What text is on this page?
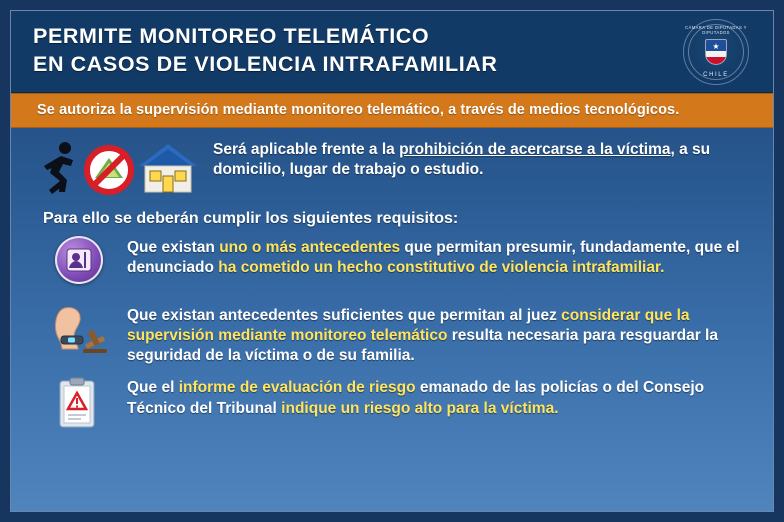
PERMITE MONITOREO TELEMÁTICO
EN CASOS DE VIOLENCIA INTRAFAMILIAR
CÁMARA DE DIPUTADAS Y DIPUTADOS
★
CHILE
Se autoriza la supervisión mediante monitoreo telemático, a través de medios tecnológicos.
Será aplicable frente a la prohibición de acercarse a la víctima, a su domicilio, lugar de trabajo o estudio.
Para ello se deberán cumplir los siguientes requisitos:
Que existan uno o más antecedentes que permitan presumir, fundadamente, que el denunciado ha cometido un hecho constitutivo de violencia intrafamiliar.
Que existan antecedentes suficientes que permitan al juez considerar que la supervisión mediante monitoreo telemático resulta necesaria para resguardar la seguridad de la víctima o de su familia.
Que el informe de evaluación de riesgo emanado de las policías o del Consejo Técnico del Tribunal indique un riesgo alto para la víctima.
